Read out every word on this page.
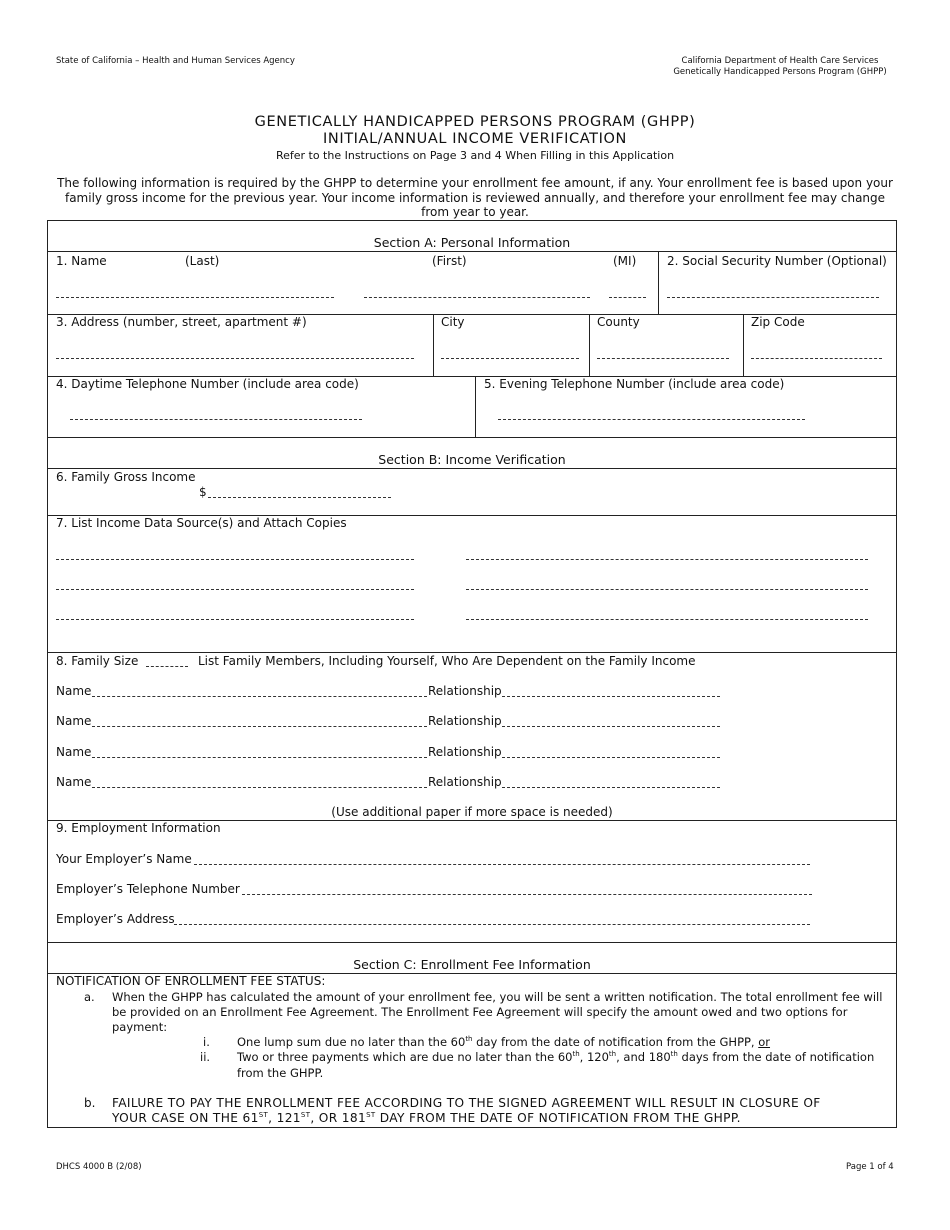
State of California – Health and Human Services Agency	California Department of Health Care Services
Genetically Handicapped Persons Program (GHPP)
GENETICALLY HANDICAPPED PERSONS PROGRAM (GHPP)
INITIAL/ANNUAL INCOME VERIFICATION
Refer to the Instructions on Page 3 and 4 When Filling in this Application
The following information is required by the GHPP to determine your enrollment fee amount, if any. Your enrollment fee is based upon your
family gross income for the previous year. Your income information is reviewed annually, and therefore your enrollment fee may change
from year to year.
Section A: Personal Information
1. Name	(Last)	(First)	(MI)	2. Social Security Number (Optional)
3. Address (number, street, apartment #)	City	County	Zip Code
4. Daytime Telephone Number (include area code)	5. Evening Telephone Number (include area code)
Section B: Income Verification
6. Family Gross Income
$
7. List Income Data Source(s) and Attach Copies
8. Family Size	List Family Members, Including Yourself, Who Are Dependent on the Family Income
Name	Relationship
Name	Relationship
Name	Relationship
Name	Relationship
(Use additional paper if more space is needed)
9. Employment Information
Your Employer’s Name
Employer’s Telephone Number
Employer’s Address
Section C: Enrollment Fee Information
NOTIFICATION OF ENROLLMENT FEE STATUS:
a. When the GHPP has calculated the amount of your enrollment fee, you will be sent a written notification. The total enrollment fee will
be provided on an Enrollment Fee Agreement. The Enrollment Fee Agreement will specify the amount owed and two options for
payment:
i. One lump sum due no later than the 60th day from the date of notification from the GHPP, or
ii. Two or three payments which are due no later than the 60th, 120th, and 180th days from the date of notification
from the GHPP.
b. FAILURE TO PAY THE ENROLLMENT FEE ACCORDING TO THE SIGNED AGREEMENT WILL RESULT IN CLOSURE OF
YOUR CASE ON THE 61ST, 121ST, OR 181ST DAY FROM THE DATE OF NOTIFICATION FROM THE GHPP.
DHCS 4000 B (2/08)	Page 1 of 4
